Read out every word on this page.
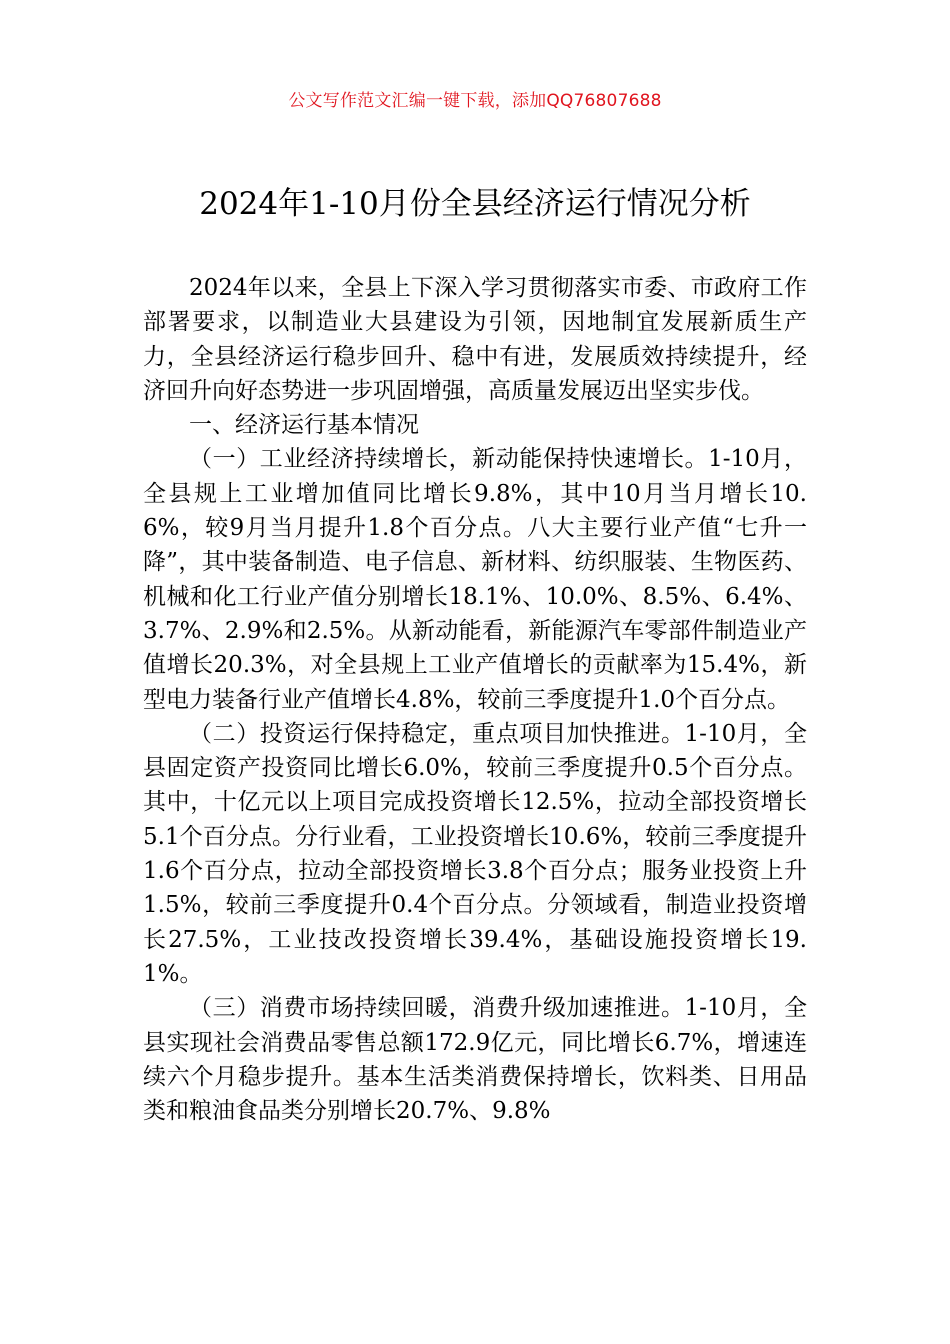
公文写作范文汇编一键下载，添加QQ76807688
2024年1-10月份全县经济运行情况分析

2024年以来，全县上下深入学习贯彻落实市委、市政府工作部署要求，以制造业大县建设为引领，因地制宜发展新质生产力，全县经济运行稳步回升、稳中有进，发展质效持续提升，经济回升向好态势进一步巩固增强，高质量发展迈出坚实步伐。

一、经济运行基本情况

（一）工业经济持续增长，新动能保持快速增长。1-10月，全县规上工业增加值同比增长9.8%，其中10月当月增长10.6%，较9月当月提升1.8个百分点。八大主要行业产值“七升一降”，其中装备制造、电子信息、新材料、纺织服装、生物医药、机械和化工行业产值分别增长18.1%、10.0%、8.5%、6.4%、3.7%、2.9%和2.5%。从新动能看，新能源汽车零部件制造业产值增长20.3%，对全县规上工业产值增长的贡献率为15.4%，新型电力装备行业产值增长4.8%，较前三季度提升1.0个百分点。

（二）投资运行保持稳定，重点项目加快推进。1-10月，全县固定资产投资同比增长6.0%，较前三季度提升0.5个百分点。其中，十亿元以上项目完成投资增长12.5%，拉动全部投资增长5.1个百分点。分行业看，工业投资增长10.6%，较前三季度提升1.6个百分点，拉动全部投资增长3.8个百分点；服务业投资上升1.5%，较前三季度提升0.4个百分点。分领域看，制造业投资增长27.5%，工业技改投资增长39.4%，基础设施投资增长19.1%。

（三）消费市场持续回暖，消费升级加速推进。1-10月，全县实现社会消费品零售总额172.9亿元，同比增长6.7%，增速连续六个月稳步提升。基本生活类消费保持增长，饮料类、日用品类和粮油食品类分别增长20.7%、9.8%
